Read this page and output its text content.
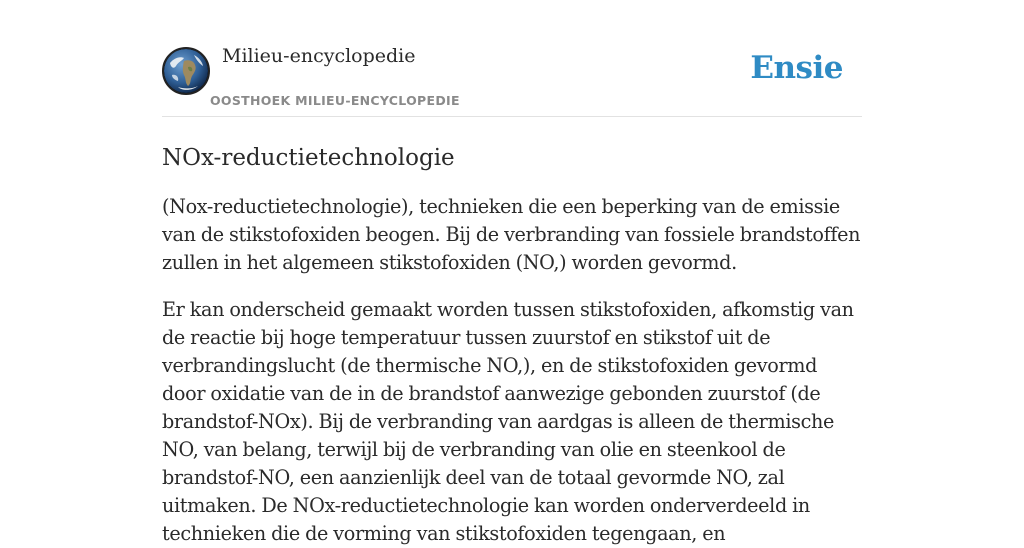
Milieu-encyclopedie
OOSTHOEK MILIEU-ENCYCLOPEDIE
Ensie
NOx-reductietechnologie

(Nox-reductietechnologie), technieken die een beperking van de emissie van de stikstofoxiden beogen. Bij de verbranding van fossiele brandstoffen zullen in het algemeen stikstofoxiden (NO,) worden gevormd.

Er kan onderscheid gemaakt worden tussen stikstofoxiden, afkomstig van de reactie bij hoge temperatuur tussen zuurstof en stikstof uit de verbrandingslucht (de thermische NO,), en de stikstofoxiden gevormd door oxidatie van de in de brandstof aanwezige gebonden zuurstof (de brandstof-NOx). Bij de verbranding van aardgas is alleen de thermische NO, van belang, terwijl bij de verbranding van olie en steenkool de brandstof-NO, een aanzienlijk deel van de totaal gevormde NO, zal uitmaken. De NOx-reductietechnologie kan worden onderverdeeld in technieken die de vorming van stikstofoxiden tegengaan, en
